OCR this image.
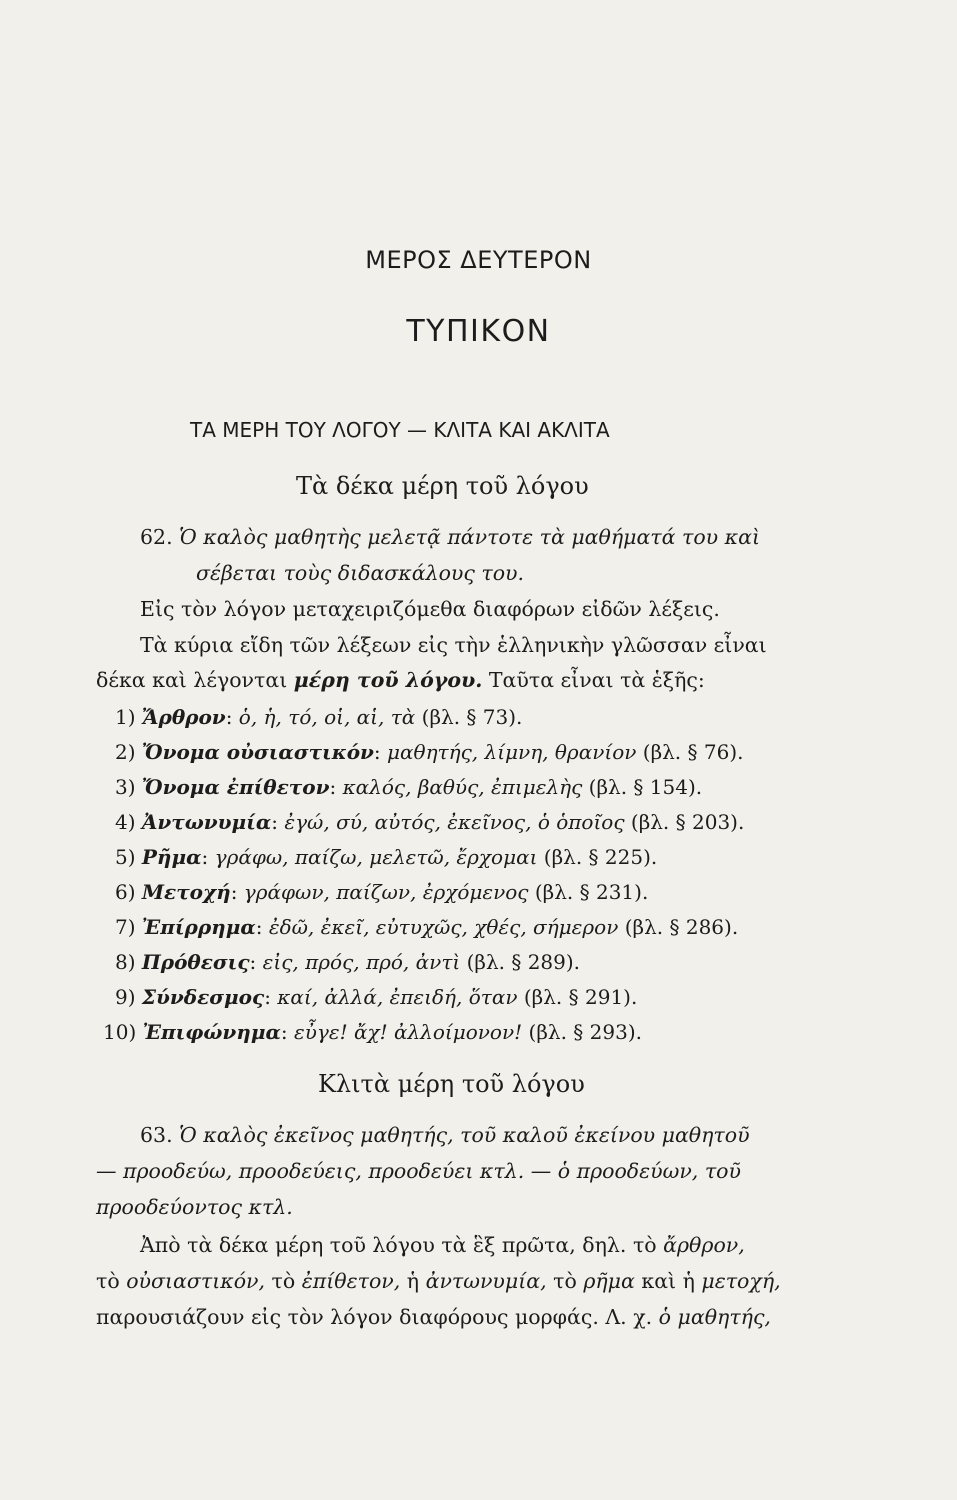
ΜΕΡΟΣ ΔΕΥΤΕΡΟΝ
ΤΥΠΙΚΟΝ
ΤΑ ΜΕΡΗ ΤΟΥ ΛΟΓΟΥ — ΚΛΙΤΑ ΚΑΙ ΑΚΛΙΤΑ
Τὰ δέκα μέρη τοῦ λόγου
62. Ὁ καλὸς μαθητὴς μελετᾷ πάντοτε τὰ μαθήματά του καὶ
σέβεται τοὺς διδασκάλους του.
Εἰς τὸν λόγον μεταχειριζόμεθα διαφόρων εἰδῶν λέξεις.
Τὰ κύρια εἴδη τῶν λέξεων εἰς τὴν ἑλληνικὴν γλῶσσαν εἶναι
δέκα καὶ λέγονται μέρη τοῦ λόγου. Ταῦτα εἶναι τὰ ἑξῆς:
1) Ἄρθρον: ὁ, ἡ, τό, οἱ, αἱ, τὰ (βλ. § 73).
2) Ὄνομα οὐσιαστικόν: μαθητής, λίμνη, θρανίον (βλ. § 76).
3) Ὄνομα ἐπίθετον: καλός, βαθύς, ἐπιμελὴς (βλ. § 154).
4) Ἀντωνυμία: ἐγώ, σύ, αὐτός, ἐκεῖνος, ὁ ὁποῖος (βλ. § 203).
5) Ρῆμα: γράφω, παίζω, μελετῶ, ἔρχομαι (βλ. § 225).
6) Μετοχή: γράφων, παίζων, ἐρχόμενος (βλ. § 231).
7) Ἐπίρρημα: ἐδῶ, ἐκεῖ, εὐτυχῶς, χθές, σήμερον (βλ. § 286).
8) Πρόθεσις: εἰς, πρός, πρό, ἀντὶ (βλ. § 289).
9) Σύνδεσμος: καί, ἀλλά, ἐπειδή, ὅταν (βλ. § 291).
10) Ἐπιφώνημα: εὖγε! ἄχ! ἀλλοίμονον! (βλ. § 293).
Κλιτὰ μέρη τοῦ λόγου
63. Ὁ καλὸς ἐκεῖνος μαθητής, τοῦ καλοῦ ἐκείνου μαθητοῦ
— προοδεύω, προοδεύεις, προοδεύει κτλ. — ὁ προοδεύων, τοῦ
προοδεύοντος κτλ.
Ἀπὸ τὰ δέκα μέρη τοῦ λόγου τὰ ἓξ πρῶτα, δηλ. τὸ ἄρθρον,
τὸ οὐσιαστικόν, τὸ ἐπίθετον, ἡ ἀντωνυμία, τὸ ρῆμα καὶ ἡ μετοχή,
παρουσιάζουν εἰς τὸν λόγον διαφόρους μορφάς. Λ. χ. ὁ μαθητής,
